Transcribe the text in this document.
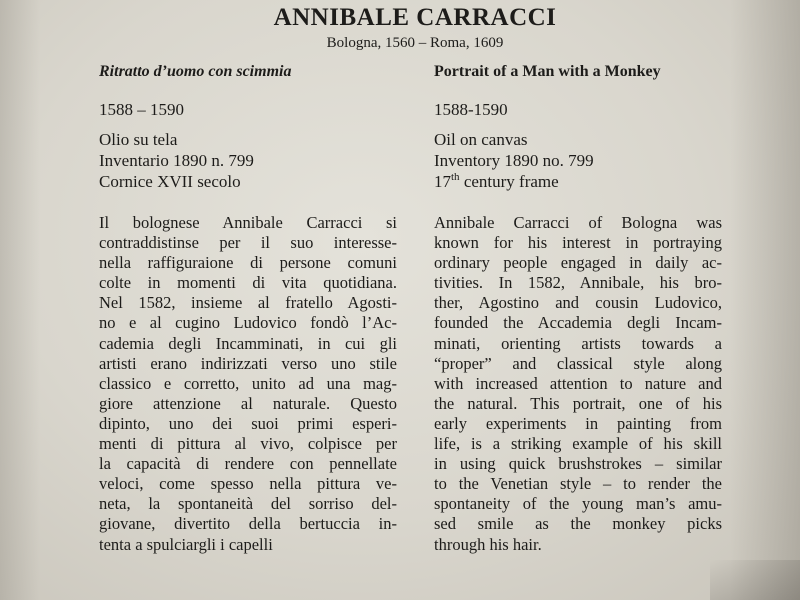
ANNIBALE CARRACCI
Bologna, 1560 – Roma, 1609
Ritratto d’uomo con scimmia
1588 – 1590
Olio su tela
Inventario 1890 n. 799
Cornice XVII secolo
Il bolognese Annibale Carracci si
contraddistinse per il suo interesse-
nella raffiguraione di persone comuni
colte in momenti di vita quotidiana.
Nel 1582, insieme al fratello Agosti-
no e al cugino Ludovico fondò l’Ac-
cademia degli Incamminati, in cui gli
artisti erano indirizzati verso uno stile
classico e corretto, unito ad una mag-
giore attenzione al naturale. Questo
dipinto, uno dei suoi primi esperi-
menti di pittura al vivo, colpisce per
la capacità di rendere con pennellate
veloci, come spesso nella pittura ve-
neta, la spontaneità del sorriso del-
giovane, divertito della bertuccia in-
tenta a spulciargli i capelli
Portrait of a Man with a Monkey
1588-1590
Oil on canvas
Inventory 1890 no. 799
17th century frame
Annibale Carracci of Bologna was
known for his interest in portraying
ordinary people engaged in daily ac-
tivities. In 1582, Annibale, his bro-
ther, Agostino and cousin Ludovico,
founded the Accademia degli Incam-
minati, orienting artists towards a
“proper” and classical style along
with increased attention to nature and
the natural. This portrait, one of his
early experiments in painting from
life, is a striking example of his skill
in using quick brushstrokes – similar
to the Venetian style – to render the
spontaneity of the young man’s amu-
sed smile as the monkey picks
through his hair.
